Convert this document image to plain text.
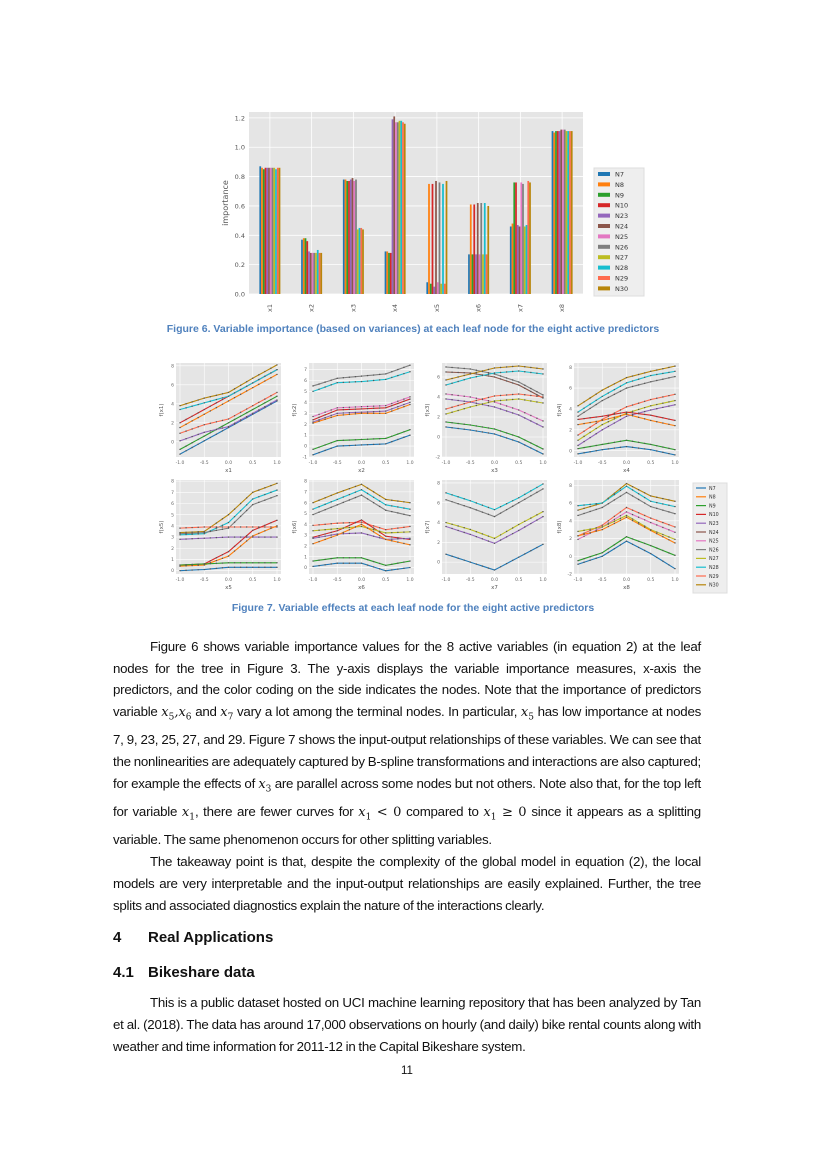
0.0
0.2
0.4
0.6
0.8
1.0
1.2
x1	x2	x3	x4	x5	x6	x7	x8
importance
N7
N8
N9
N10
N23
N24
N25
N26
N27
N28
N29
N30
Figure 6. Variable importance (based on variances) at each leaf node for the eight active predictors
0
2
4
6
8
-1.0	-0.5	0.0	0.5	1.0
x1
f(x1)
-1
0
1
2
3
4
5
6
7
-1.0	-0.5	0.0	0.5	1.0
x2
f(x2)
-2
0
2
4
6
-1.0	-0.5	0.0	0.5	1.0
x3
f(x3)
0
2
4
6
8
-1.0	-0.5	0.0	0.5	1.0
x4
f(x4)
0
1
2
3
4
5
6
7
8
-1.0	-0.5	0.0	0.5	1.0
x5
f(x5)
0
1
2
3
4
5
6
7
8
-1.0	-0.5	0.0	0.5	1.0
x6
f(x6)
0
2
4
6
8
-1.0	-0.5	0.0	0.5	1.0
x7
f(x7)
-2
0
2
4
6
8
-1.0	-0.5	0.0	0.5	1.0
x8
f(x8)
N7
N8
N9
N10
N23
N24
N25
N26
N27
N28
N29
N30
Figure 7. Variable effects at each leaf node for the eight active predictors

Figure 6 shows variable importance values for the 8 active variables (in equation 2) at the leaf nodes for the tree in Figure 3. The y-axis displays the variable importance measures, x-axis the predictors, and the color coding on the side indicates the nodes. Note that the importance of predictors variable $x_5,x_6$ and $x_7$ vary a lot among the terminal nodes. In particular, $x_5$ has low importance at nodes 7, 9, 23, 25, 27, and 29. Figure 7 shows the input-output relationships of these variables. We can see that the nonlinearities are adequately captured by B-spline transformations and interactions are also captured; for example the effects of $x_3$ are parallel across some nodes but not others. Note also that, for the top left for variable $x_1$, there are fewer curves for $x_1 < 0$ compared to $x_1 \ge 0$ since it appears as a splitting variable. The same phenomenon occurs for other splitting variables.

The takeaway point is that, despite the complexity of the global model in equation (2), the local models are very interpretable and the input-output relationships are easily explained. Further, the tree splits and associated diagnostics explain the nature of the interactions clearly.

4 Real Applications
4.1 Bikeshare data

This is a public dataset hosted on UCI machine learning repository that has been analyzed by Tan et al. (2018). The data has around 17,000 observations on hourly (and daily) bike rental counts along with weather and time information for 2011-12 in the Capital Bikeshare system.

11
